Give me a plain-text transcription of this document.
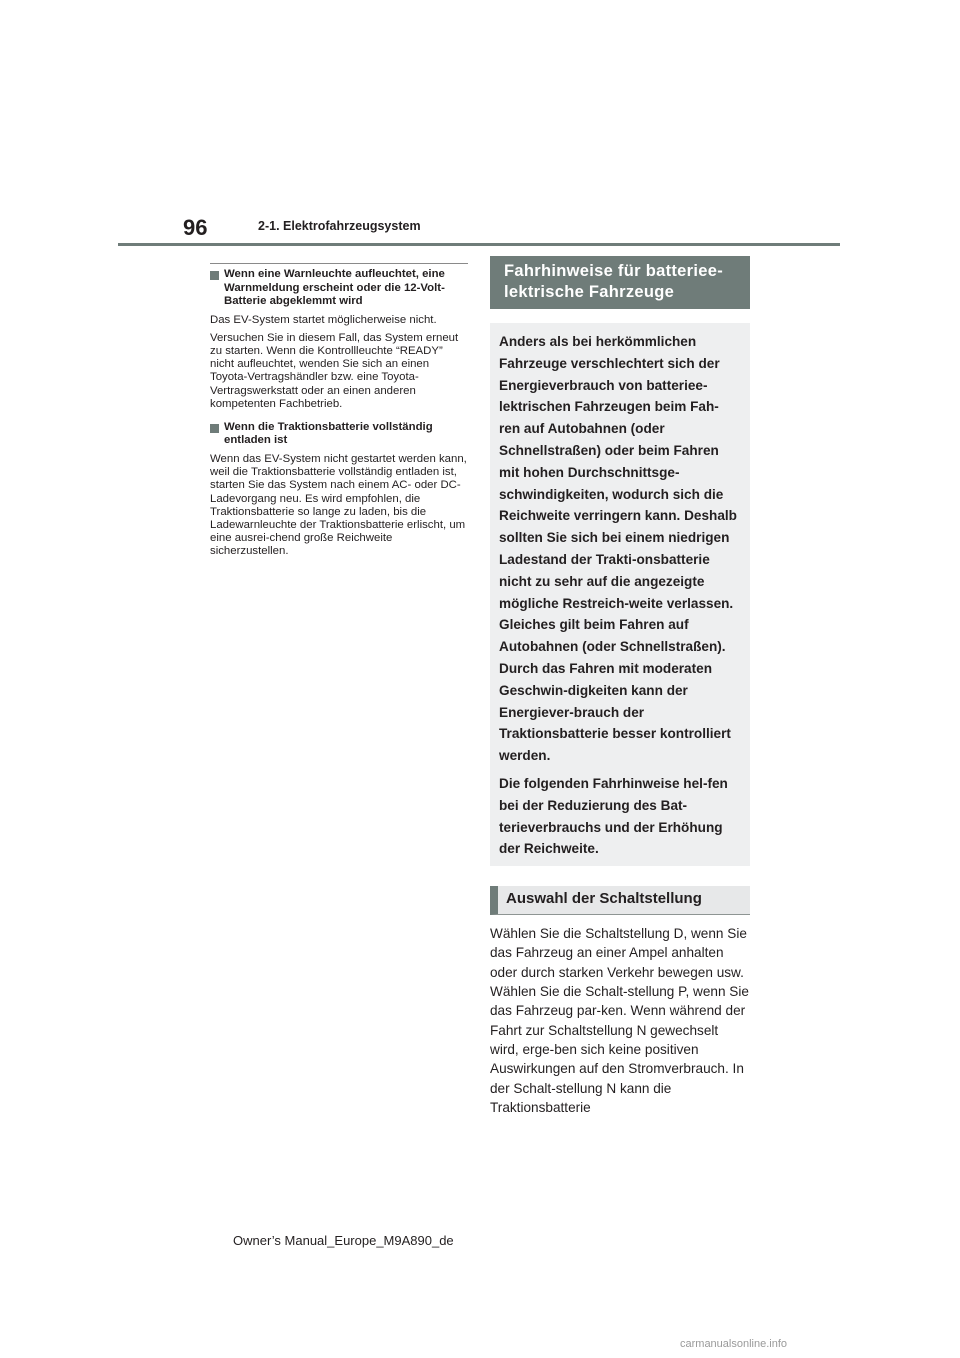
96	2-1. Elektrofahrzeugsystem
Wenn eine Warnleuchte aufleuchtet, eine Warnmeldung erscheint oder die 12-Volt-Batterie abgeklemmt wird

Das EV-System startet möglicherweise nicht.

Versuchen Sie in diesem Fall, das System erneut zu starten. Wenn die Kontrollleuchte “READY” nicht aufleuchtet, wenden Sie sich an einen Toyota-Vertragshändler bzw. eine Toyota-Vertragswerkstatt oder an einen anderen kompetenten Fachbetrieb.

Wenn die Traktionsbatterie vollständig entladen ist

Wenn das EV-System nicht gestartet werden kann, weil die Traktionsbatterie vollständig entladen ist, starten Sie das System nach einem AC- oder DC-Ladevorgang neu. Es wird empfohlen, die Traktionsbatterie so lange zu laden, bis die Ladewarnleuchte der Traktionsbatterie erlischt, um eine ausrei-chend große Reichweite sicherzustellen.

Fahrhinweise für batteriee-lektrische Fahrzeuge

Anders als bei herkömmlichen Fahrzeuge verschlechtert sich der Energieverbrauch von batteriee-lektrischen Fahrzeugen beim Fah-ren auf Autobahnen (oder Schnellstraßen) oder beim Fahren mit hohen Durchschnittsge-schwindigkeiten, wodurch sich die Reichweite verringern kann. Deshalb sollten Sie sich bei einem niedrigen Ladestand der Trakti-onsbatterie nicht zu sehr auf die angezeigte mögliche Restreich-weite verlassen. Gleiches gilt beim Fahren auf Autobahnen (oder Schnellstraßen). Durch das Fahren mit moderaten Geschwin-digkeiten kann der Energiever-brauch der Traktionsbatterie besser kontrolliert werden.

Die folgenden Fahrhinweise hel-fen bei der Reduzierung des Bat-terieverbrauchs und der Erhöhung der Reichweite.

Auswahl der Schaltstellung

Wählen Sie die Schaltstellung D, wenn Sie das Fahrzeug an einer Ampel anhalten oder durch starken Verkehr bewegen usw. Wählen Sie die Schalt-stellung P, wenn Sie das Fahrzeug par-ken. Wenn während der Fahrt zur Schaltstellung N gewechselt wird, erge-ben sich keine positiven Auswirkungen auf den Stromverbrauch. In der Schalt-stellung N kann die Traktionsbatterie

Owner’s Manual_Europe_M9A890_de
carmanualsonline.info
